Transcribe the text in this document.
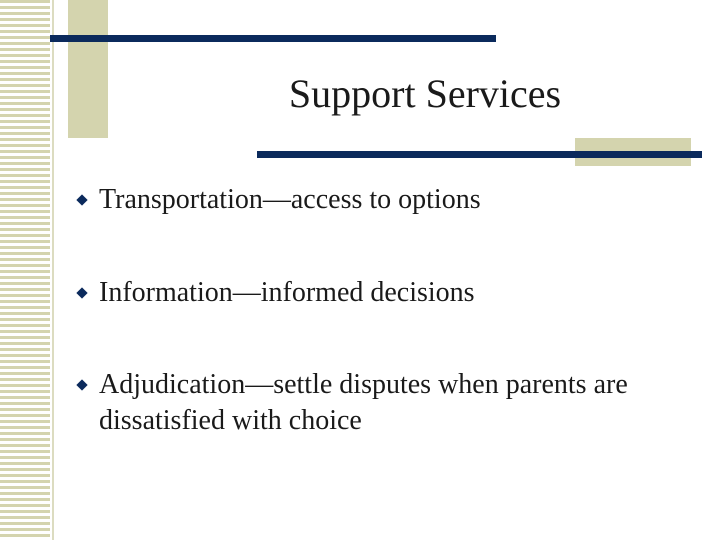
Support Services
Transportation—access to options
Information—informed decisions
Adjudication—settle disputes when parents are dissatisfied with choice
